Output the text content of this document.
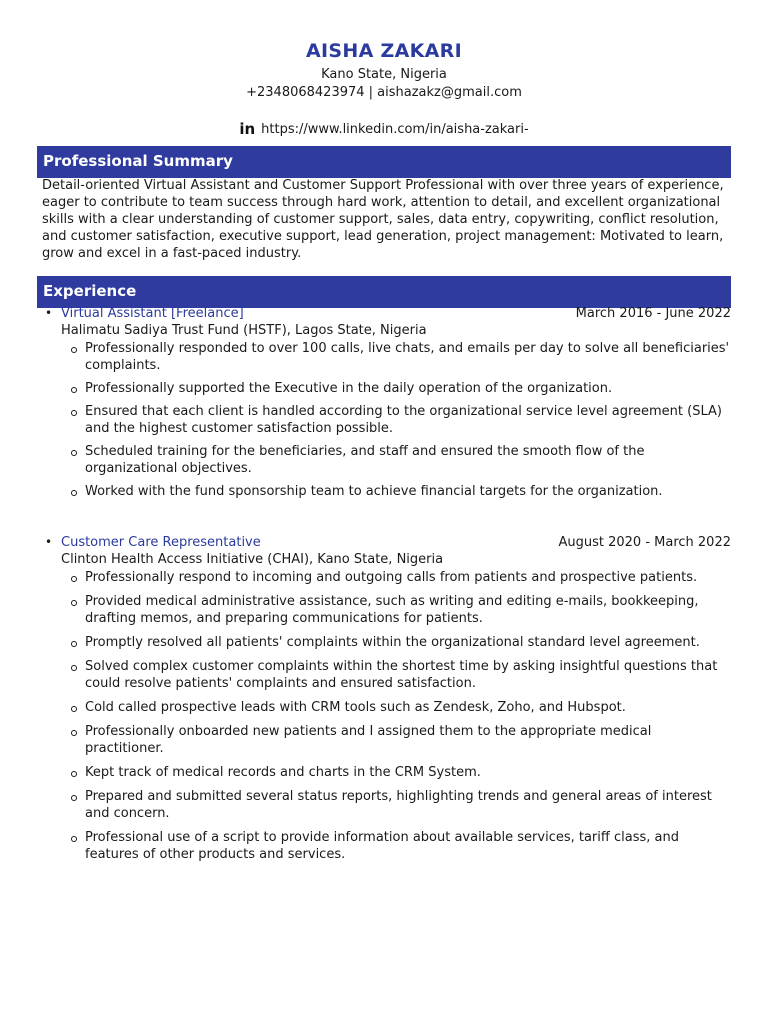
AISHA ZAKARI
Kano State, Nigeria
+2348068423974 | aishazakz@gmail.com
in https://www.linkedin.com/in/aisha-zakari-
Professional Summary
Detail-oriented Virtual Assistant and Customer Support Professional with over three years of experience, eager to contribute to team success through hard work, attention to detail, and excellent organizational skills with a clear understanding of customer support, sales, data entry, copywriting, conflict resolution, and customer satisfaction, executive support, lead generation, project management: Motivated to learn, grow and excel in a fast-paced industry.
Experience
• Virtual Assistant [Freelance]	March 2016 - June 2022
Halimatu Sadiya Trust Fund (HSTF), Lagos State, Nigeria
Professionally responded to over 100 calls, live chats, and emails per day to solve all beneficiaries' complaints.
Professionally supported the Executive in the daily operation of the organization.
Ensured that each client is handled according to the organizational service level agreement (SLA) and the highest customer satisfaction possible.
Scheduled training for the beneficiaries, and staff and ensured the smooth flow of the organizational objectives.
Worked with the fund sponsorship team to achieve financial targets for the organization.
• Customer Care Representative	August 2020 - March 2022
Clinton Health Access Initiative (CHAI), Kano State, Nigeria
Professionally respond to incoming and outgoing calls from patients and prospective patients.
Provided medical administrative assistance, such as writing and editing e-mails, bookkeeping, drafting memos, and preparing communications for patients.
Promptly resolved all patients' complaints within the organizational standard level agreement.
Solved complex customer complaints within the shortest time by asking insightful questions that could resolve patients' complaints and ensured satisfaction.
Cold called prospective leads with CRM tools such as Zendesk, Zoho, and Hubspot.
Professionally onboarded new patients and I assigned them to the appropriate medical practitioner.
Kept track of medical records and charts in the CRM System.
Prepared and submitted several status reports, highlighting trends and general areas of interest and concern.
Professional use of a script to provide information about available services, tariff class, and features of other products and services.
